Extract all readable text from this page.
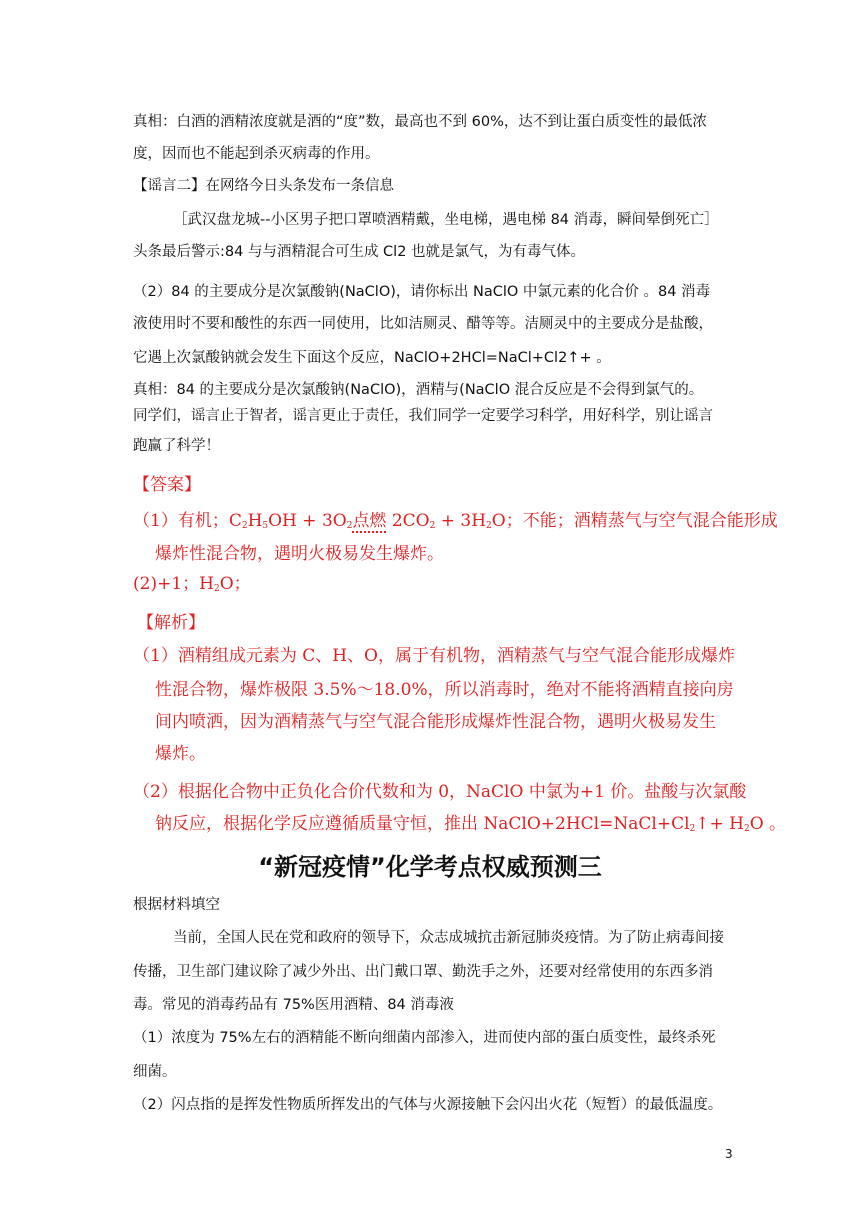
真相：白酒的酒精浓度就是酒的“度”数，最高也不到 60%，达不到让蛋白质变性的最低浓
度，因而也不能起到杀灭病毒的作用。
【谣言二】在网络今日头条发布一条信息
［武汉盘龙城--小区男子把口罩喷酒精戴，坐电梯，遇电梯 84 消毒，瞬间晕倒死亡］
头条最后警示:84 与与酒精混合可生成 Cl2 也就是氯气，为有毒气体。
（2）84 的主要成分是次氯酸钠(NaClO)，请你标出 NaClO 中氯元素的化合价 。84 消毒
液使用时不要和酸性的东西一同使用，比如洁厕灵、醋等等。洁厕灵中的主要成分是盐酸，
它遇上次氯酸钠就会发生下面这个反应，NaClO+2HCl=NaCl+Cl2↑+ 。
真相：84 的主要成分是次氯酸钠(NaClO)，酒精与(NaClO 混合反应是不会得到氯气的。
同学们，谣言止于智者，谣言更止于责任，我们同学一定要学习科学，用好科学，别让谣言
跑赢了科学！
【答案】
（1）有机；$C_2H_5OH + 3O_2$点燃 $2CO_2 + 3H_2O$；不能；酒精蒸气与空气混合能形成
爆炸性混合物，遇明火极易发生爆炸。
(2)+1；$H_2O$；
【解析】
（1）酒精组成元素为 C、H、O，属于有机物，酒精蒸气与空气混合能形成爆炸
性混合物，爆炸极限 3.5%～18.0%，所以消毒时，绝对不能将酒精直接向房
间内喷洒，因为酒精蒸气与空气混合能形成爆炸性混合物，遇明火极易发生
爆炸。
（2）根据化合物中正负化合价代数和为 0，NaClO 中氯为+1 价。盐酸与次氯酸
钠反应，根据化学反应遵循质量守恒，推出 $NaClO+2HCl=NaCl+Cl_2↑+ H_2O$ 。
“新冠疫情”化学考点权威预测三
根据材料填空
当前，全国人民在党和政府的领导下，众志成城抗击新冠肺炎疫情。为了防止病毒间接
传播，卫生部门建议除了减少外出、出门戴口罩、勤洗手之外，还要对经常使用的东西多消
毒。常见的消毒药品有 75%医用酒精、84 消毒液
（1）浓度为 75%左右的酒精能不断向细菌内部渗入，进而使内部的蛋白质变性，最终杀死
细菌。
（2）闪点指的是挥发性物质所挥发出的气体与火源接触下会闪出火花（短暂）的最低温度。
3
